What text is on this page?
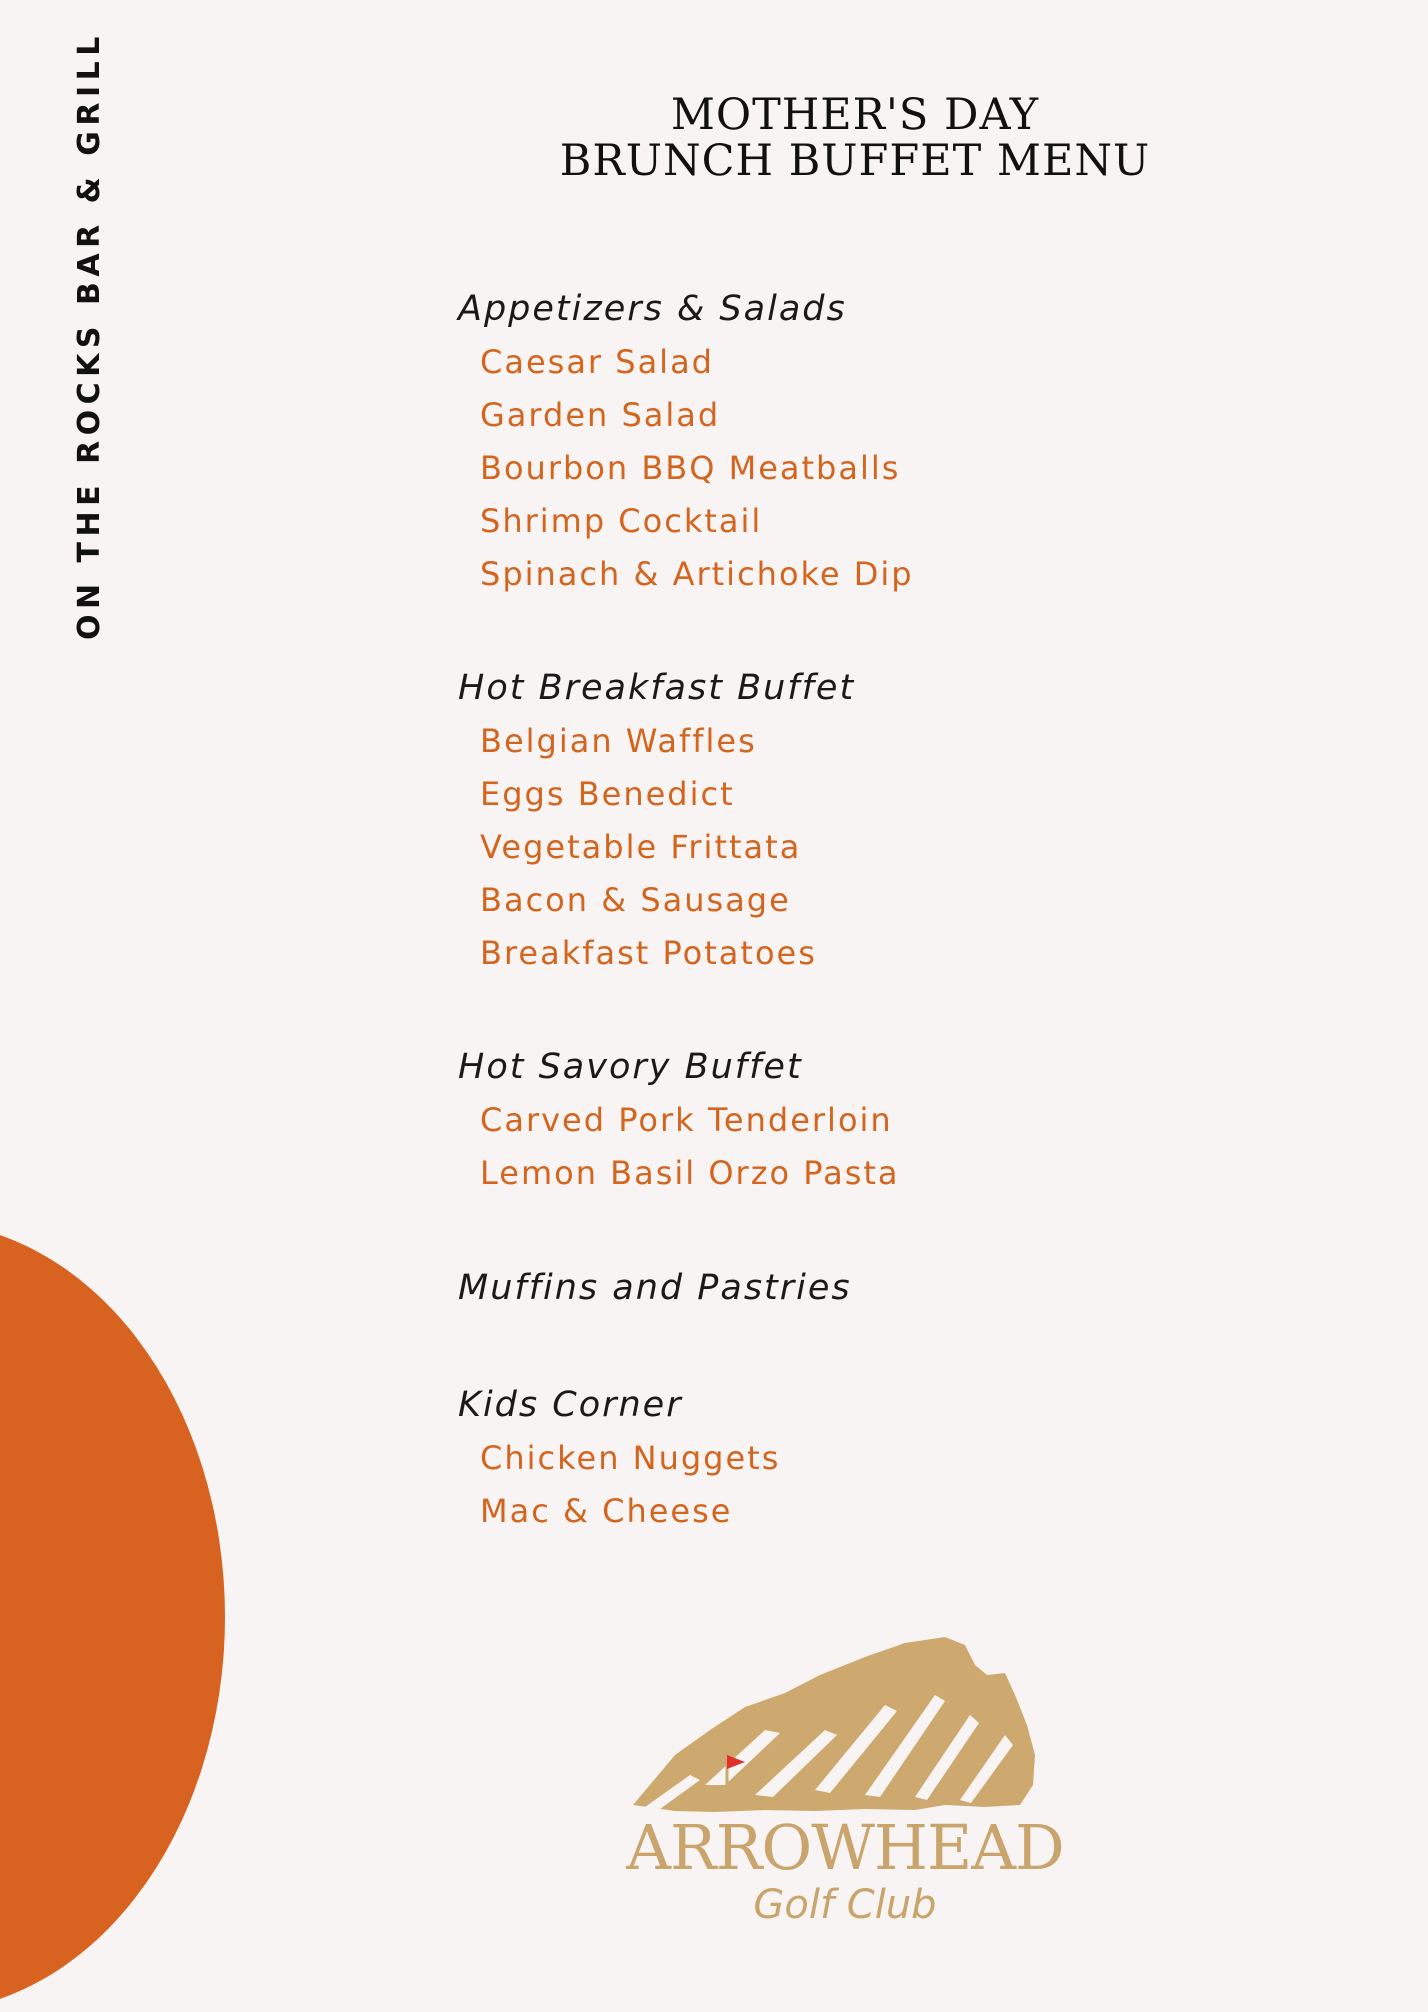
ON THE ROCKS BAR & GRILL	MOTHER'S DAY
BRUNCH BUFFET MENU
Appetizers & Salads
Caesar Salad
Garden Salad
Bourbon BBQ Meatballs
Shrimp Cocktail
Spinach & Artichoke Dip
Hot Breakfast Buffet
Belgian Waffles
Eggs Benedict
Vegetable Frittata
Bacon & Sausage
Breakfast Potatoes
Hot Savory Buffet
Carved Pork Tenderloin
Lemon Basil Orzo Pasta
Muffins and Pastries
Kids Corner
Chicken Nuggets
Mac & Cheese
ARROWHEAD
Golf Club
